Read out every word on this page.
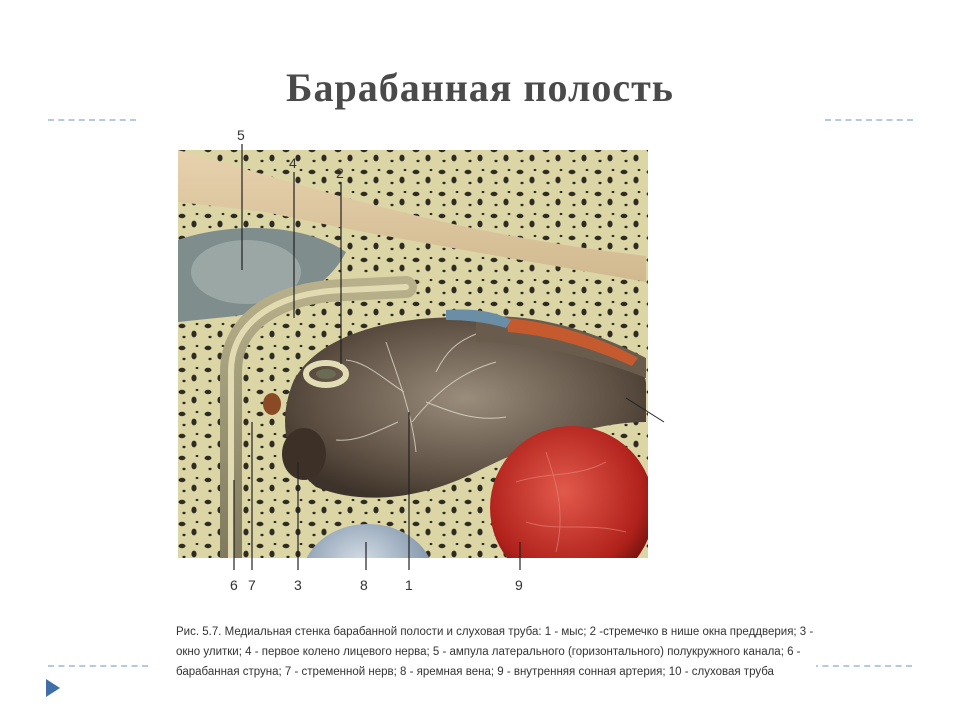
Барабанная полость
5
4
2
6 7	3	8	1	9
Рис. 5.7. Медиальная стенка барабанной полости и слуховая труба: 1 - мыс; 2 -стремечко в нише окна преддверия; 3 - окно улитки; 4 - первое колено лицевого нерва; 5 - ампула латерального (горизонтального) полукружного канала; 6 - барабанная струна; 7 - стременной нерв; 8 - яремная вена; 9 - внутренняя сонная артерия; 10 - слуховая труба
